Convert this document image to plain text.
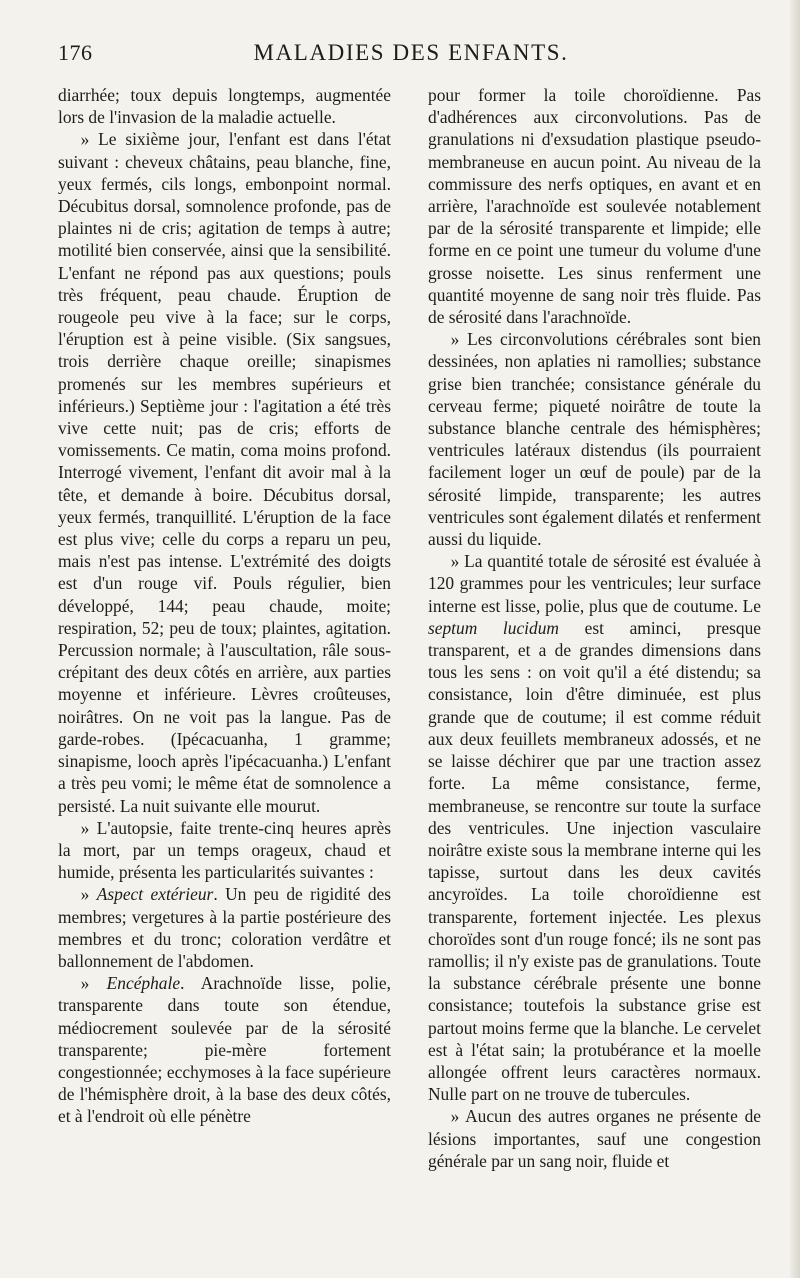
176	MALADIES DES ENFANTS.

diarrhée; toux depuis longtemps, augmentée lors de l'invasion de la maladie actuelle.

» Le sixième jour, l'enfant est dans l'état suivant : cheveux châtains, peau blanche, fine, yeux fermés, cils longs, embonpoint normal. Décubitus dorsal, somnolence profonde, pas de plaintes ni de cris; agitation de temps à autre; motilité bien conservée, ainsi que la sensibilité. L'enfant ne répond pas aux questions; pouls très fréquent, peau chaude. Éruption de rougeole peu vive à la face; sur le corps, l'éruption est à peine visible. (Six sangsues, trois derrière chaque oreille; sinapismes promenés sur les membres supérieurs et inférieurs.) Septième jour : l'agitation a été très vive cette nuit; pas de cris; efforts de vomissements. Ce matin, coma moins profond. Interrogé vivement, l'enfant dit avoir mal à la tête, et demande à boire. Décubitus dorsal, yeux fermés, tranquillité. L'éruption de la face est plus vive; celle du corps a reparu un peu, mais n'est pas intense. L'extrémité des doigts est d'un rouge vif. Pouls régulier, bien développé, 144; peau chaude, moite; respiration, 52; peu de toux; plaintes, agitation. Percussion normale; à l'auscultation, râle sous-crépitant des deux côtés en arrière, aux parties moyenne et inférieure. Lèvres croûteuses, noirâtres. On ne voit pas la langue. Pas de garde-robes. (Ipécacuanha, 1 gramme; sinapisme, looch après l'ipécacuanha.) L'enfant a très peu vomi; le même état de somnolence a persisté. La nuit suivante elle mourut.

» L'autopsie, faite trente-cinq heures après la mort, par un temps orageux, chaud et humide, présenta les particularités suivantes :

» Aspect extérieur. Un peu de rigidité des membres; vergetures à la partie postérieure des membres et du tronc; coloration verdâtre et ballonnement de l'abdomen.

» Encéphale. Arachnoïde lisse, polie, transparente dans toute son étendue, médiocrement soulevée par de la sérosité transparente; pie-mère fortement congestionnée; ecchymoses à la face supérieure de l'hémisphère droit, à la base des deux côtés, et à l'endroit où elle pénètre

pour former la toile choroïdienne. Pas d'adhérences aux circonvolutions. Pas de granulations ni d'exsudation plastique pseudo-membraneuse en aucun point. Au niveau de la commissure des nerfs optiques, en avant et en arrière, l'arachnoïde est soulevée notablement par de la sérosité transparente et limpide; elle forme en ce point une tumeur du volume d'une grosse noisette. Les sinus renferment une quantité moyenne de sang noir très fluide. Pas de sérosité dans l'arachnoïde.

» Les circonvolutions cérébrales sont bien dessinées, non aplaties ni ramollies; substance grise bien tranchée; consistance générale du cerveau ferme; piqueté noirâtre de toute la substance blanche centrale des hémisphères; ventricules latéraux distendus (ils pourraient facilement loger un œuf de poule) par de la sérosité limpide, transparente; les autres ventricules sont également dilatés et renferment aussi du liquide.

» La quantité totale de sérosité est évaluée à 120 grammes pour les ventricules; leur surface interne est lisse, polie, plus que de coutume. Le septum lucidum est aminci, presque transparent, et a de grandes dimensions dans tous les sens : on voit qu'il a été distendu; sa consistance, loin d'être diminuée, est plus grande que de coutume; il est comme réduit aux deux feuillets membraneux adossés, et ne se laisse déchirer que par une traction assez forte. La même consistance, ferme, membraneuse, se rencontre sur toute la surface des ventricules. Une injection vasculaire noirâtre existe sous la membrane interne qui les tapisse, surtout dans les deux cavités ancyroïdes. La toile choroïdienne est transparente, fortement injectée. Les plexus choroïdes sont d'un rouge foncé; ils ne sont pas ramollis; il n'y existe pas de granulations. Toute la substance cérébrale présente une bonne consistance; toutefois la substance grise est partout moins ferme que la blanche. Le cervelet est à l'état sain; la protubérance et la moelle allongée offrent leurs caractères normaux. Nulle part on ne trouve de tubercules.

» Aucun des autres organes ne présente de lésions importantes, sauf une congestion générale par un sang noir, fluide et
